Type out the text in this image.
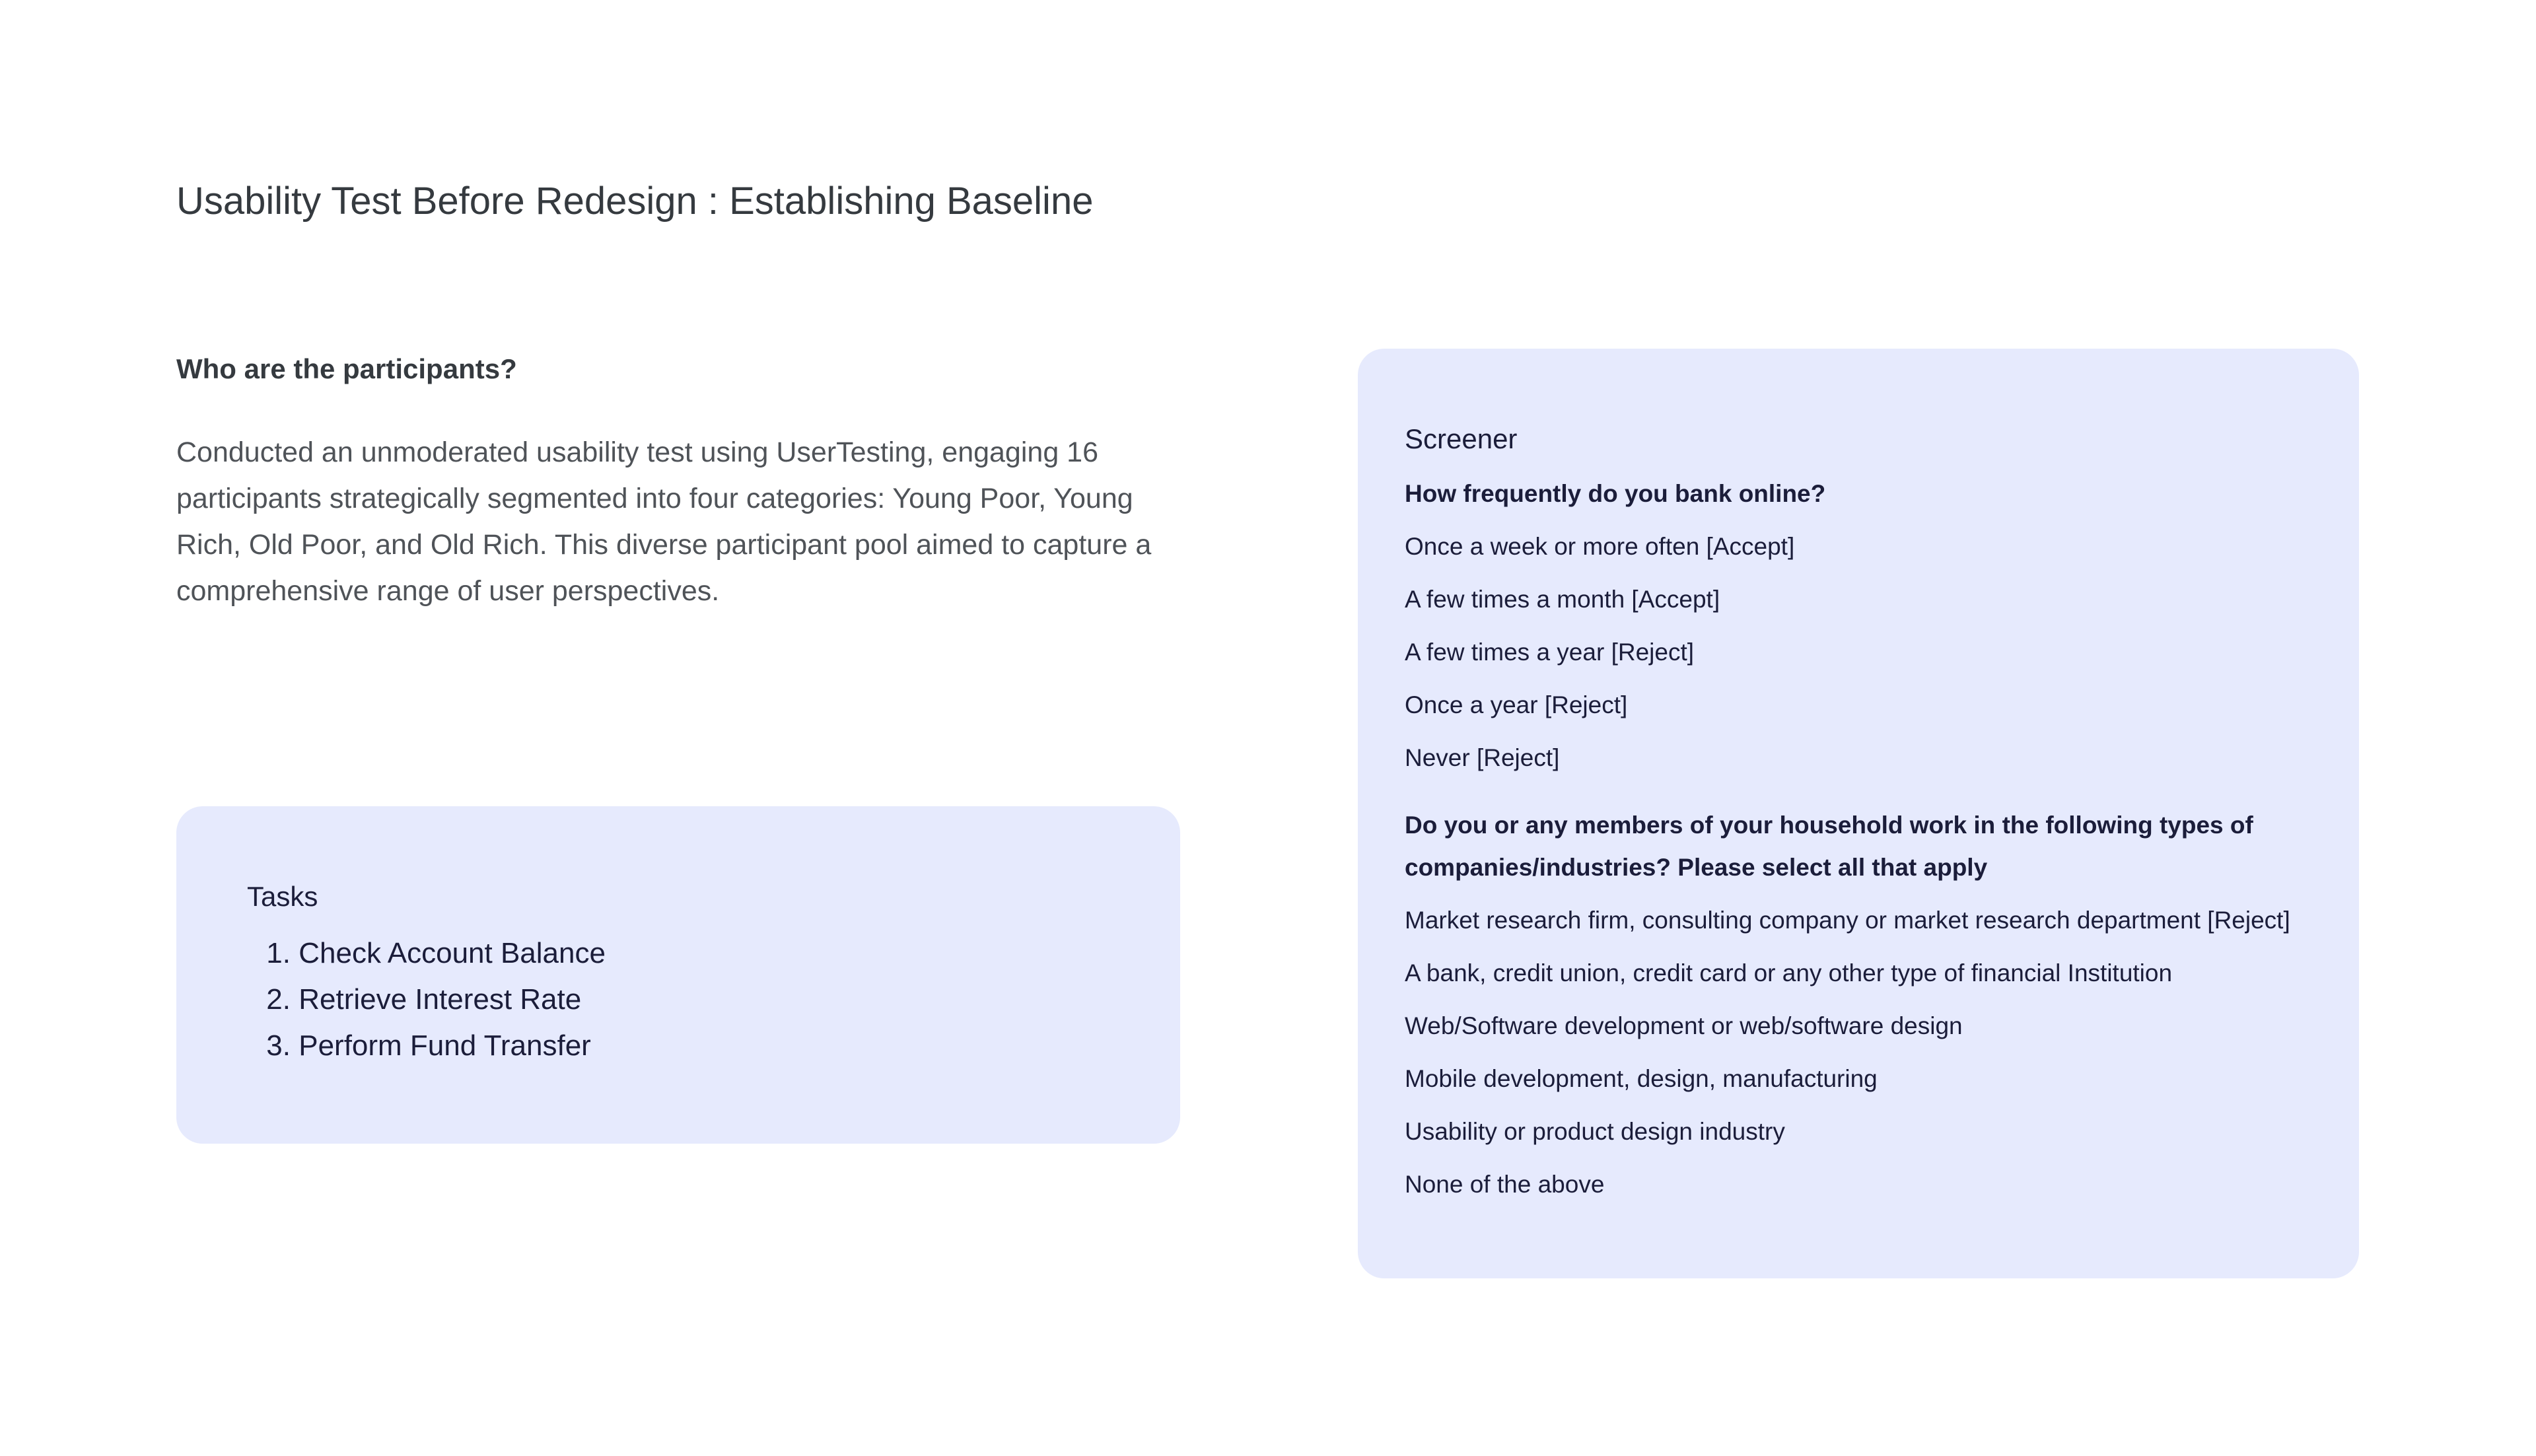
Usability Test Before Redesign : Establishing Baseline
Who are the participants?

Conducted an unmoderated usability test using UserTesting, engaging 16 participants strategically segmented into four categories: Young Poor, Young Rich, Old Poor, and Old Rich. This diverse participant pool aimed to capture a comprehensive range of user perspectives.

Tasks
1. Check Account Balance
2. Retrieve Interest Rate
3. Perform Fund Transfer
Screener

How frequently do you bank online?

Once a week or more often [Accept]
A few times a month [Accept]
A few times a year [Reject]
Once a year [Reject]
Never [Reject]

Do you or any members of your household work in the following types of companies/industries? Please select all that apply

Market research firm, consulting company or market research department [Reject]
A bank, credit union, credit card or any other type of financial Institution
Web/Software development or web/software design
Mobile development, design, manufacturing
Usability or product design industry
None of the above
